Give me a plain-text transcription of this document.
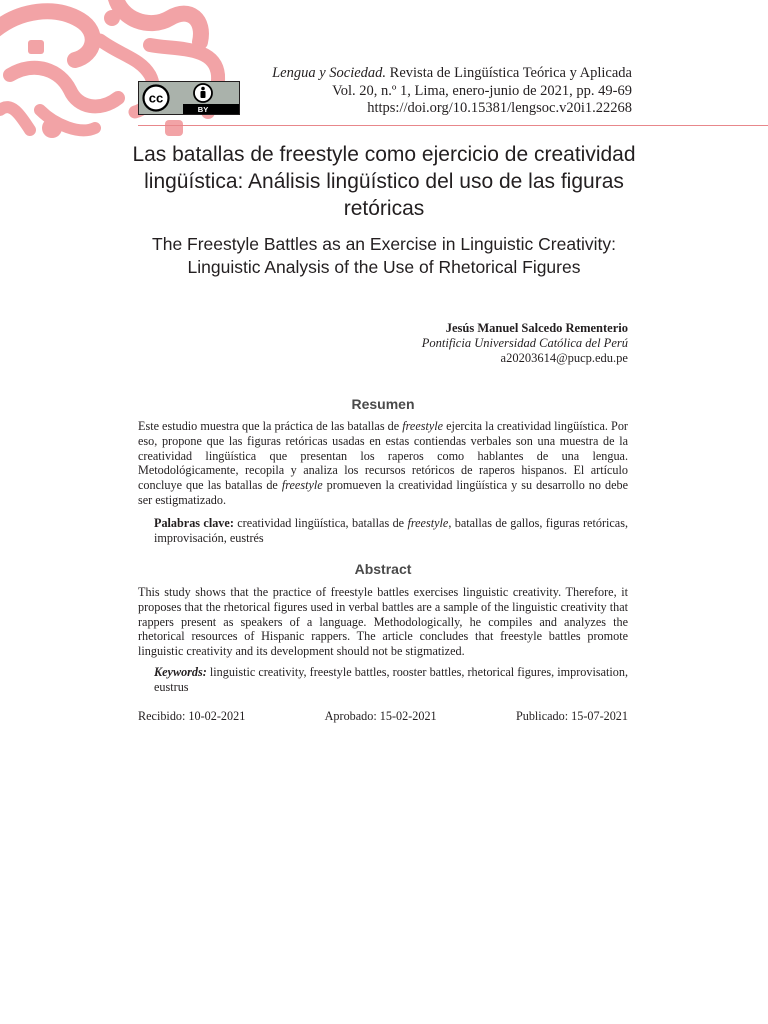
cc
BY
Lengua y Sociedad. Revista de Lingüística Teórica y Aplicada
Vol. 20, n.º 1, Lima, enero-junio de 2021, pp. 49-69
https://doi.org/10.15381/lengsoc.v20i1.22268
Las batallas de freestyle como ejercicio de creatividad lingüística: Análisis lingüístico del uso de las figuras retóricas
The Freestyle Battles as an Exercise in Linguistic Creativity: Linguistic Analysis of the Use of Rhetorical Figures
Jesús Manuel Salcedo Rementerio
Pontificia Universidad Católica del Perú
a20203614@pucp.edu.pe
Resumen
Este estudio muestra que la práctica de las batallas de freestyle ejercita la creatividad lingüística. Por eso, propone que las figuras retóricas usadas en estas contiendas verbales son una muestra de la creatividad lingüística que presentan los raperos como hablantes de una lengua. Metodológicamente, recopila y analiza los recursos retóricos de raperos hispanos. El artículo concluye que las batallas de freestyle promueven la creatividad lingüística y su desarrollo no debe ser estigmatizado.
Palabras clave: creatividad lingüística, batallas de freestyle, batallas de gallos, figuras retóricas, improvisación, eustrés
Abstract
This study shows that the practice of freestyle battles exercises linguistic creativity. Therefore, it proposes that the rhetorical figures used in verbal battles are a sample of the linguistic creativity that rappers present as speakers of a language. Methodologically, he compiles and analyzes the rhetorical resources of Hispanic rappers. The article concludes that freestyle battles promote linguistic creativity and its development should not be stigmatized.
Keywords: linguistic creativity, freestyle battles, rooster battles, rhetorical figures, improvisation, eustrus
Recibido: 10-02-2021	Aprobado: 15-02-2021	Publicado: 15-07-2021
